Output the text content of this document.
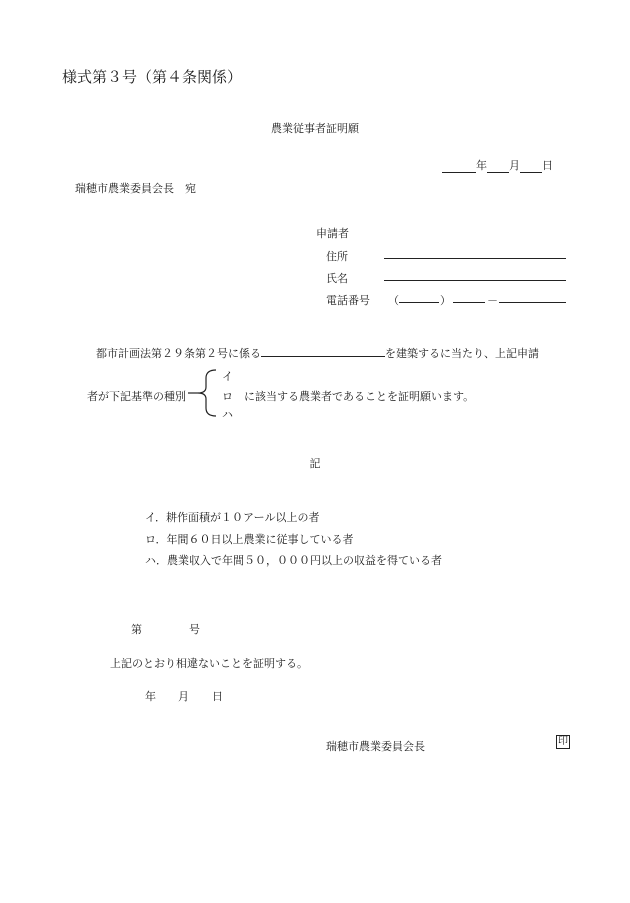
様式第３号（第４条関係）
農業従事者証明願
年 月 日
瑞穂市農業委員会長　宛
申請者
住所
氏名
電話番号 （	）	－
都市計画法第２９条第２号に係る	を建築するに当たり、上記申請
者が下記基準の種別
イ
ロ
ハ
に該当する農業者であることを証明願います。
記
イ．耕作面積が１０アール以上の者
ロ．年間６０日以上農業に従事している者
ハ．農業収入で年間５０，０００円以上の収益を得ている者
第	号
上記のとおり相違ないことを証明する。
年 月 日
瑞穂市農業委員会長	印
